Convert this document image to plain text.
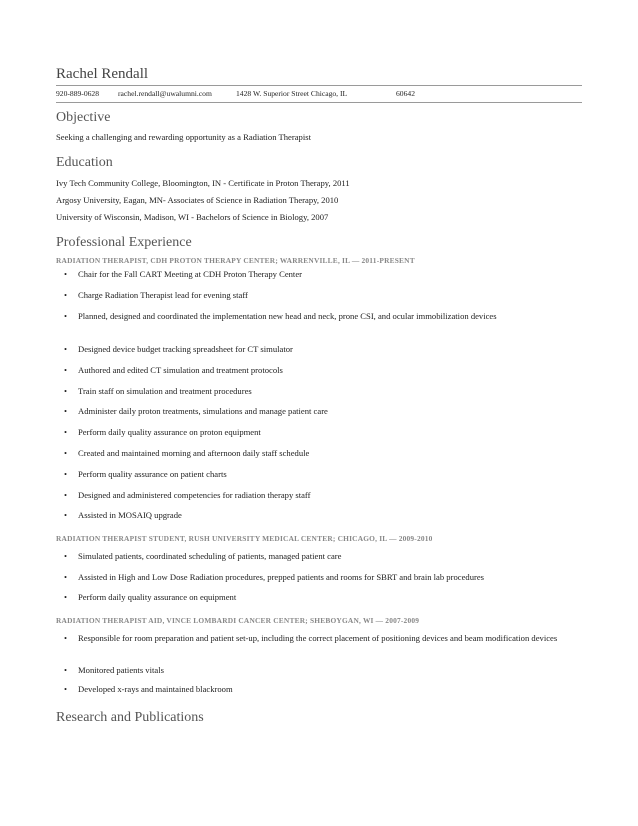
Rachel Rendall
920-889-0628 rachel.rendall@uwalumni.com	1428 W. Superior Street Chicago, IL	60642
Objective
Seeking a challenging and rewarding opportunity as a Radiation Therapist
Education
Ivy Tech Community College, Bloomington, IN - Certificate in Proton Therapy, 2011
Argosy University, Eagan, MN- Associates of Science in Radiation Therapy, 2010
University of Wisconsin, Madison, WI - Bachelors of Science in Biology, 2007
Professional Experience
RADIATION THERAPIST, CDH PROTON THERAPY CENTER; WARRENVILLE, IL — 2011-PRESENT
• Chair for the Fall CART Meeting at CDH Proton Therapy Center
• Charge Radiation Therapist lead for evening staff
• Planned, designed and coordinated the implementation new head and neck, prone CSI, and ocular immobilization devices
• Designed device budget tracking spreadsheet for CT simulator
• Authored and edited CT simulation and treatment protocols
• Train staff on simulation and treatment procedures
• Administer daily proton treatments, simulations and manage patient care
• Perform daily quality assurance on proton equipment
• Created and maintained morning and afternoon daily staff schedule
• Perform quality assurance on patient charts
• Designed and administered competencies for radiation therapy staff
• Assisted in MOSAIQ upgrade
RADIATION THERAPIST STUDENT, RUSH UNIVERSITY MEDICAL CENTER; CHICAGO, IL — 2009-2010
• Simulated patients, coordinated scheduling of patients, managed patient care
• Assisted in High and Low Dose Radiation procedures, prepped patients and rooms for SBRT and brain lab procedures
• Perform daily quality assurance on equipment
RADIATION THERAPIST AID, VINCE LOMBARDI CANCER CENTER; SHEBOYGAN, WI — 2007-2009
• Responsible for room preparation and patient set-up, including the correct placement of positioning devices and beam modification devices
• Monitored patients vitals
• Developed x-rays and maintained blackroom
Research and Publications
